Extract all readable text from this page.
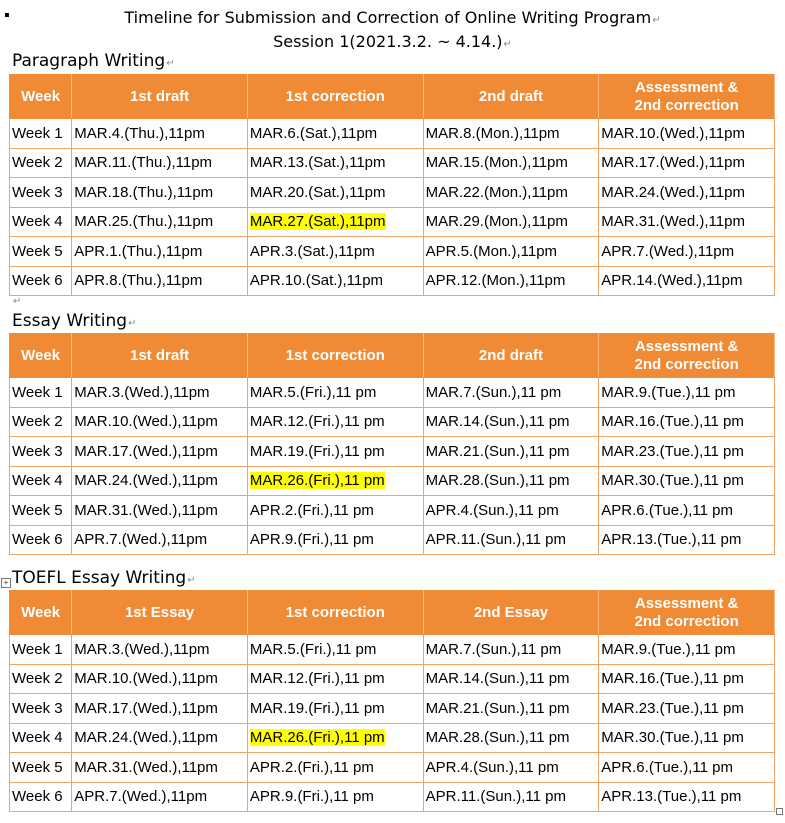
▪	Timeline for Submission and Correction of Online Writing Program↵
Session 1(2021.3.2. ~ 4.14.)↵
Paragraph Writing↵
Week	1st draft	1st correction	2nd draft	Assessment &
2nd correction
Week 1	MAR.4.(Thu.),11pm	MAR.6.(Sat.),11pm	MAR.8.(Mon.),11pm	MAR.10.(Wed.),11pm
Week 2	MAR.11.(Thu.),11pm	MAR.13.(Sat.),11pm	MAR.15.(Mon.),11pm	MAR.17.(Wed.),11pm
Week 3	MAR.18.(Thu.),11pm	MAR.20.(Sat.),11pm	MAR.22.(Mon.),11pm	MAR.24.(Wed.),11pm
Week 4	MAR.25.(Thu.),11pm	MAR.27.(Sat.),11pm	MAR.29.(Mon.),11pm	MAR.31.(Wed.),11pm
Week 5	APR.1.(Thu.),11pm	APR.3.(Sat.),11pm	APR.5.(Mon.),11pm	APR.7.(Wed.),11pm
Week 6	APR.8.(Thu.),11pm	APR.10.(Sat.),11pm	APR.12.(Mon.),11pm	APR.14.(Wed.),11pm
↵
Essay Writing↵
Week	1st draft	1st correction	2nd draft	Assessment &
2nd correction
Week 1	MAR.3.(Wed.),11pm	MAR.5.(Fri.),11 pm	MAR.7.(Sun.),11 pm	MAR.9.(Tue.),11 pm
Week 2	MAR.10.(Wed.),11pm	MAR.12.(Fri.),11 pm	MAR.14.(Sun.),11 pm	MAR.16.(Tue.),11 pm
Week 3	MAR.17.(Wed.),11pm	MAR.19.(Fri.),11 pm	MAR.21.(Sun.),11 pm	MAR.23.(Tue.),11 pm
Week 4	MAR.24.(Wed.),11pm	MAR.26.(Fri.),11 pm	MAR.28.(Sun.),11 pm	MAR.30.(Tue.),11 pm
Week 5	MAR.31.(Wed.),11pm	APR.2.(Fri.),11 pm	APR.4.(Sun.),11 pm	APR.6.(Tue.),11 pm
Week 6	APR.7.(Wed.),11pm	APR.9.(Fri.),11 pm	APR.11.(Sun.),11 pm	APR.13.(Tue.),11 pm
+ TOEFL Essay Writing↵
Week	1st Essay	1st correction	2nd Essay	Assessment &
2nd correction
Week 1	MAR.3.(Wed.),11pm	MAR.5.(Fri.),11 pm	MAR.7.(Sun.),11 pm	MAR.9.(Tue.),11 pm
Week 2	MAR.10.(Wed.),11pm	MAR.12.(Fri.),11 pm	MAR.14.(Sun.),11 pm	MAR.16.(Tue.),11 pm
Week 3	MAR.17.(Wed.),11pm	MAR.19.(Fri.),11 pm	MAR.21.(Sun.),11 pm	MAR.23.(Tue.),11 pm
Week 4	MAR.24.(Wed.),11pm	MAR.26.(Fri.),11 pm	MAR.28.(Sun.),11 pm	MAR.30.(Tue.),11 pm
Week 5	MAR.31.(Wed.),11pm	APR.2.(Fri.),11 pm	APR.4.(Sun.),11 pm	APR.6.(Tue.),11 pm
Week 6	APR.7.(Wed.),11pm	APR.9.(Fri.),11 pm	APR.11.(Sun.),11 pm	APR.13.(Tue.),11 pm
